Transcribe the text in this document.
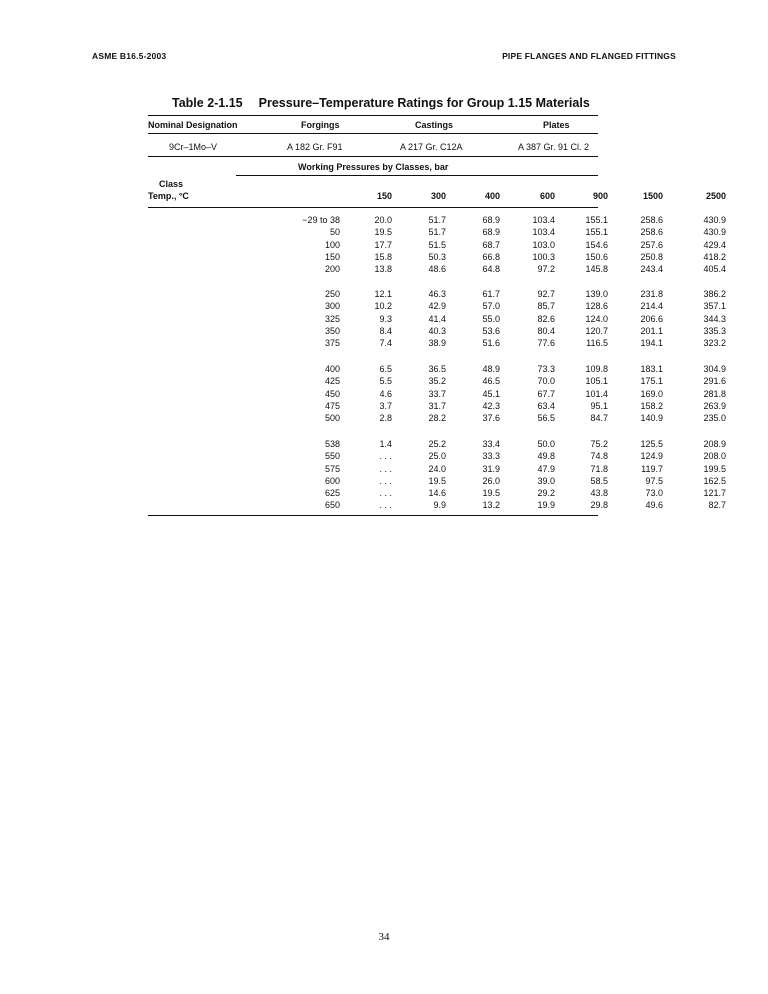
ASME B16.5-2003	PIPE FLANGES AND FLANGED FITTINGS
Table 2-1.15 Pressure–Temperature Ratings for Group 1.15 Materials
Nominal Designation	Forgings	Castings	Plates
9Cr–1Mo–V	A 182 Gr. F91	A 217 Gr. C12A	A 387 Gr. 91 Cl. 2
Working Pressures by Classes, bar
Class
Temp., °C	150	300	400	600	900	1500	2500
−29 to 38	20.0	51.7	68.9	103.4	155.1	258.6	430.9
50	19.5	51.7	68.9	103.4	155.1	258.6	430.9
100	17.7	51.5	68.7	103.0	154.6	257.6	429.4
150	15.8	50.3	66.8	100.3	150.6	250.8	418.2
200	13.8	48.6	64.8	97.2	145.8	243.4	405.4
250	12.1	46.3	61.7	92.7	139.0	231.8	386.2
300	10.2	42.9	57.0	85.7	128.6	214.4	357.1
325	9.3	41.4	55.0	82.6	124.0	206.6	344.3
350	8.4	40.3	53.6	80.4	120.7	201.1	335.3
375	7.4	38.9	51.6	77.6	116.5	194.1	323.2
400	6.5	36.5	48.9	73.3	109.8	183.1	304.9
425	5.5	35.2	46.5	70.0	105.1	175.1	291.6
450	4.6	33.7	45.1	67.7	101.4	169.0	281.8
475	3.7	31.7	42.3	63.4	95.1	158.2	263.9
500	2.8	28.2	37.6	56.5	84.7	140.9	235.0
538	1.4	25.2	33.4	50.0	75.2	125.5	208.9
550	. . .	25.0	33.3	49.8	74.8	124.9	208.0
575	. . .	24.0	31.9	47.9	71.8	119.7	199.5
600	. . .	19.5	26.0	39.0	58.5	97.5	162.5
625	. . .	14.6	19.5	29.2	43.8	73.0	121.7
650	. . .	9.9	13.2	19.9	29.8	49.6	82.7
34
